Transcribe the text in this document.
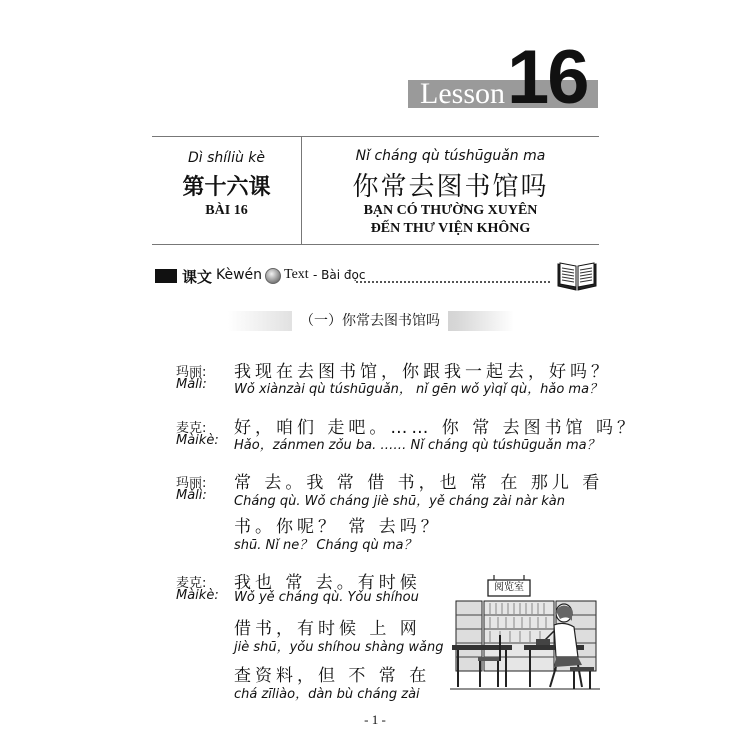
Lesson 16
Dì shíliù kè
第十六课
BÀI 16
Nǐ cháng qù túshūguǎn ma
你常去图书馆吗
BẠN CÓ THƯỜNG XUYÊN
ĐẾN THƯ VIỆN KHÔNG
课文 Kèwén Text - Bài đọc
（一）你常去图书馆吗
玛丽:
Mǎlì:
我现在去图书馆，你跟我一起去，好吗？
Wǒ xiànzài qù túshūguǎn， nǐ gēn wǒ yìqǐ qù，hǎo ma？
麦克:
Màikè:
好，咱们 走吧。…… 你 常 去图书馆 吗？
Hǎo，zánmen zǒu ba. …… Nǐ cháng qù túshūguǎn ma？
玛丽:
Mǎlì:
常 去。我 常 借 书，也 常 在 那儿 看
Cháng qù. Wǒ cháng jiè shū，yě cháng zài nàr kàn
书。你呢？ 常 去吗？
shū. Nǐ ne？ Cháng qù ma？
麦克:
Màikè:
我也 常 去。有时候
Wǒ yě cháng qù. Yǒu shíhou
借书，有时候 上 网
jiè shū，yǒu shíhou shàng wǎng
查资料，但 不 常 在
chá zīliào，dàn bù cháng zài
阅览室
- 1 -
